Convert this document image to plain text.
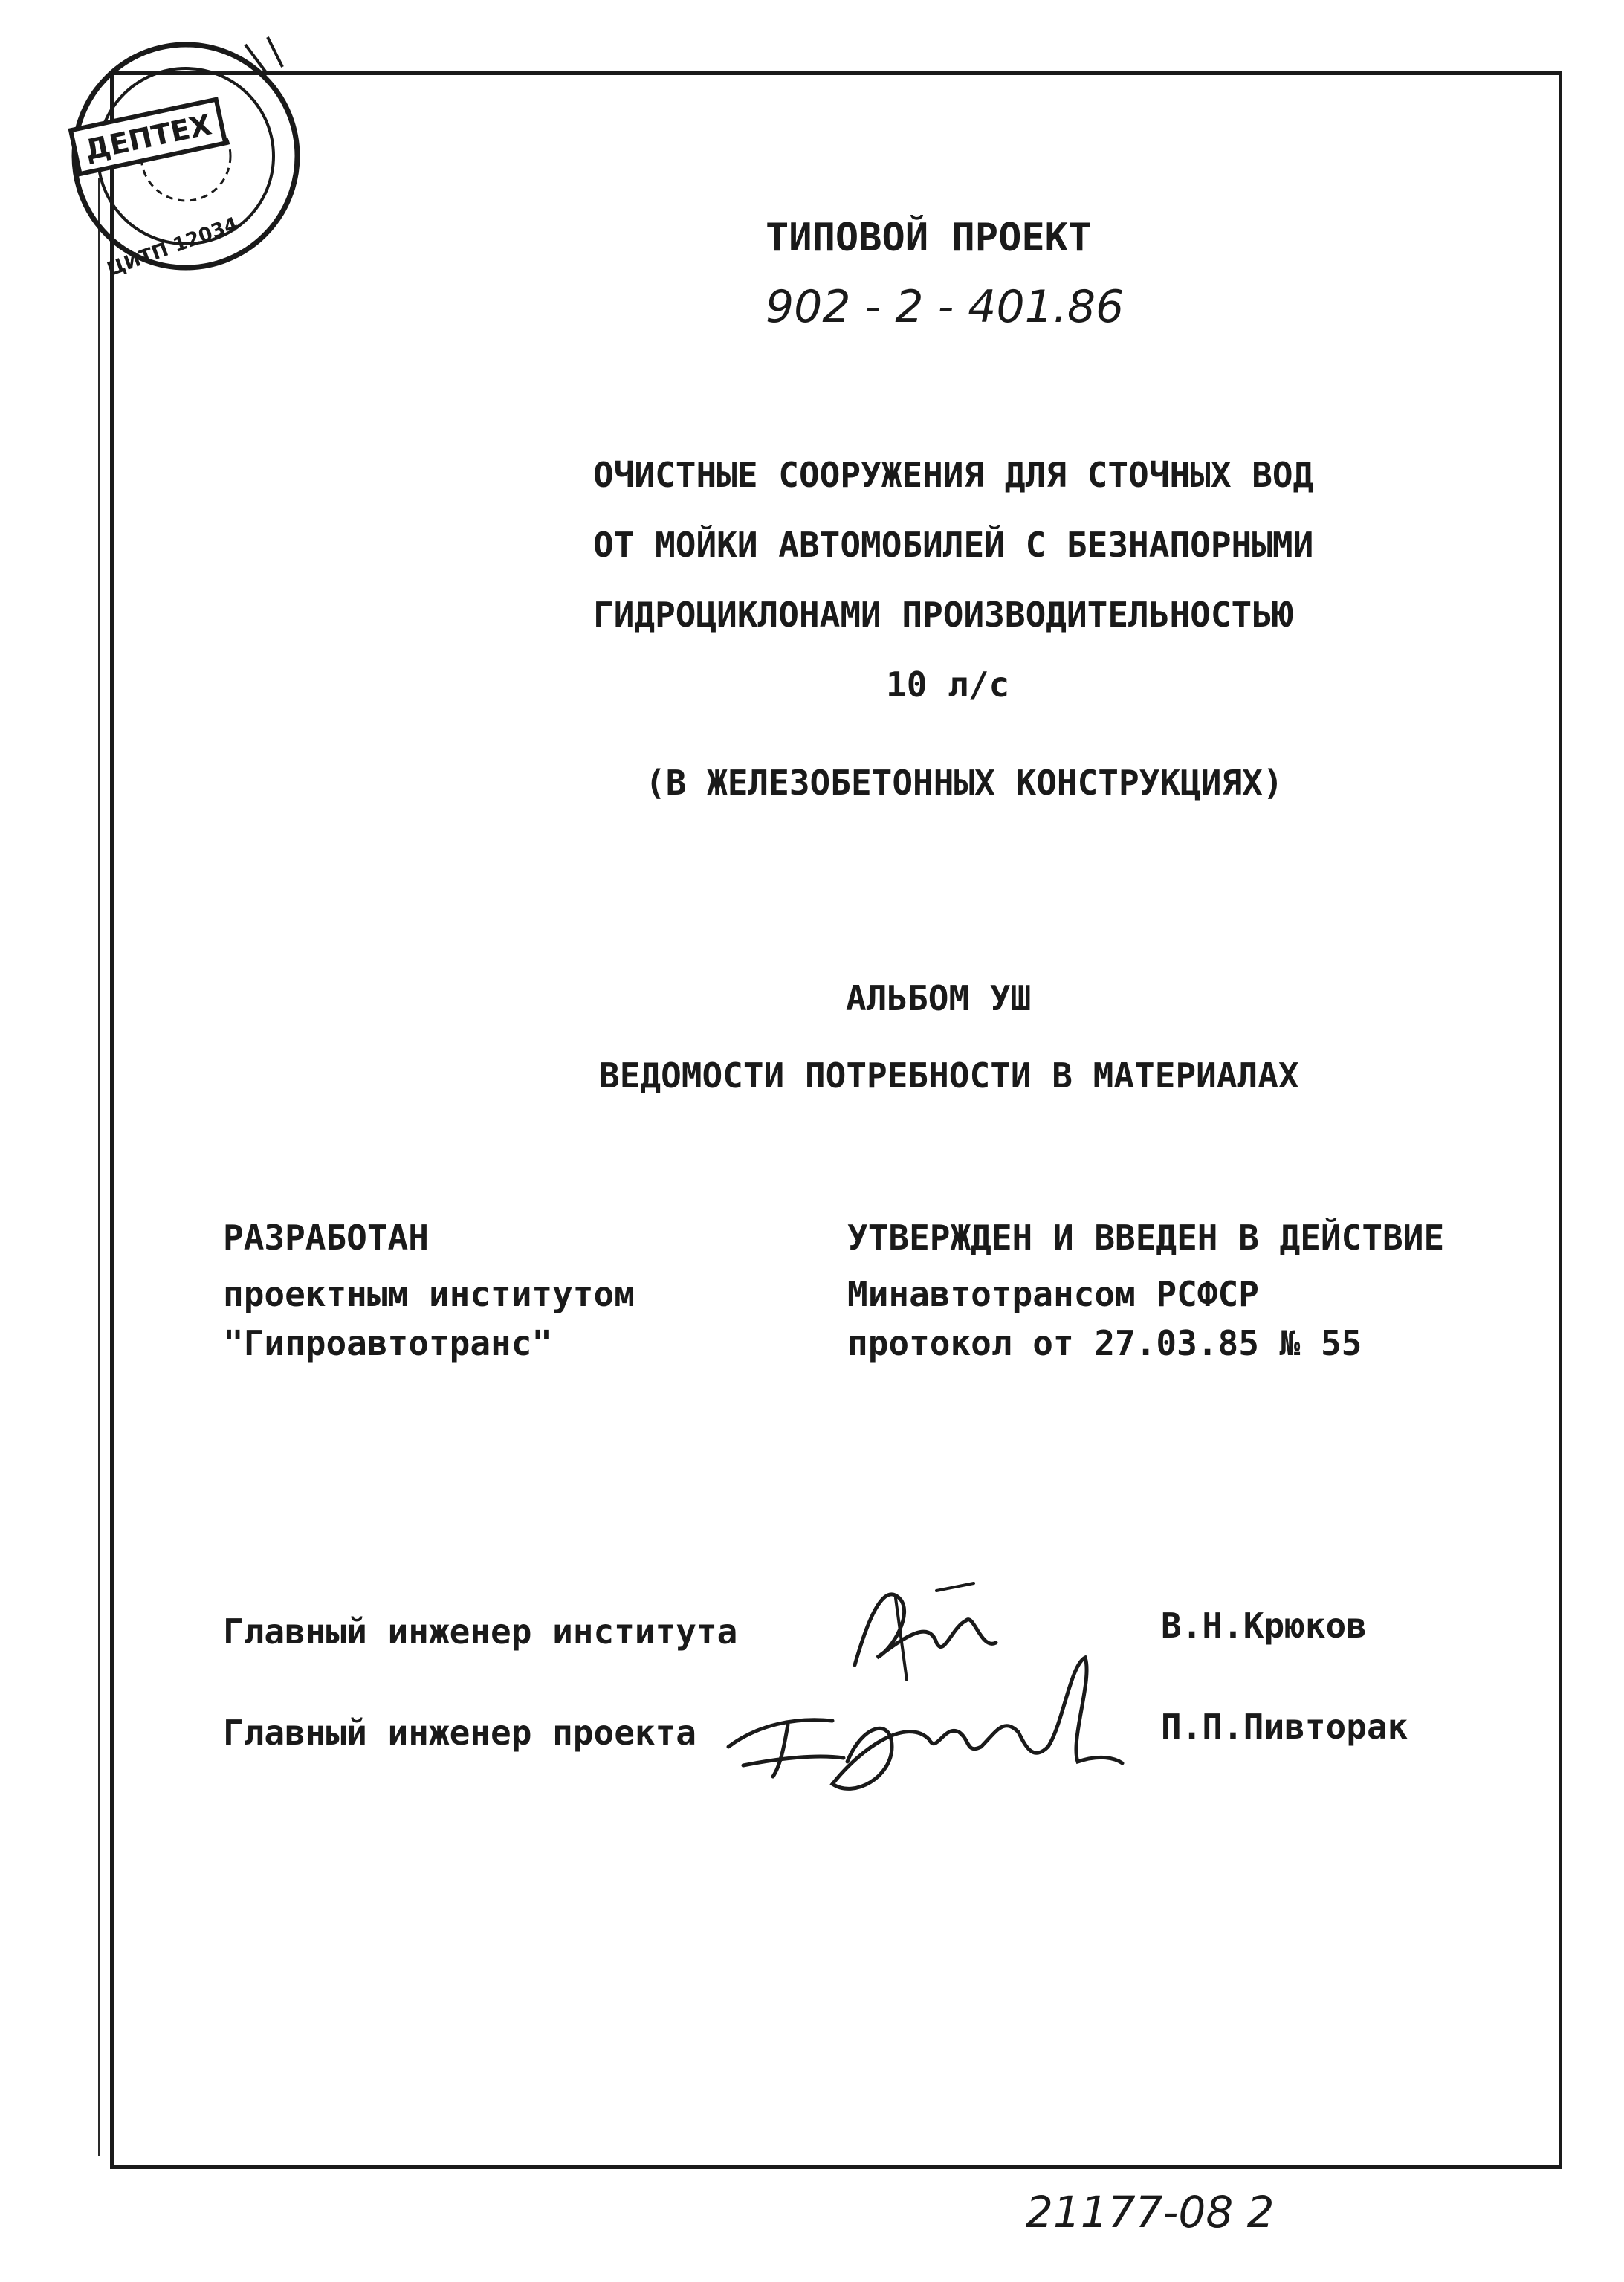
ДЕПТЕХ
ЦИТП 12034	ТИПОВОЙ ПРОЕКТ
902 - 2 - 401.86
ОЧИСТНЫЕ СООРУЖЕНИЯ ДЛЯ СТОЧНЫХ ВОД
ОТ МОЙКИ АВТОМОБИЛЕЙ С БЕЗНАПОРНЫМИ
ГИДРОЦИКЛОНАМИ ПРОИЗВОДИТЕЛЬНОСТЬЮ
10 л/с
(В ЖЕЛЕЗОБЕТОННЫХ КОНСТРУКЦИЯХ)
АЛЬБОМ УШ
ВЕДОМОСТИ ПОТРЕБНОСТИ В МАТЕРИАЛАХ
РАЗРАБОТАН
проектным институтом
"Гипроавтотранс"
УТВЕРЖДЕН И ВВЕДЕН В ДЕЙСТВИЕ
Минавтотрансом РСФСР
протокол от 27.03.85 № 55
Главный инженер института	В.Н.Крюков
Главный инженер проекта	П.П.Пивторак
21177-08 2
